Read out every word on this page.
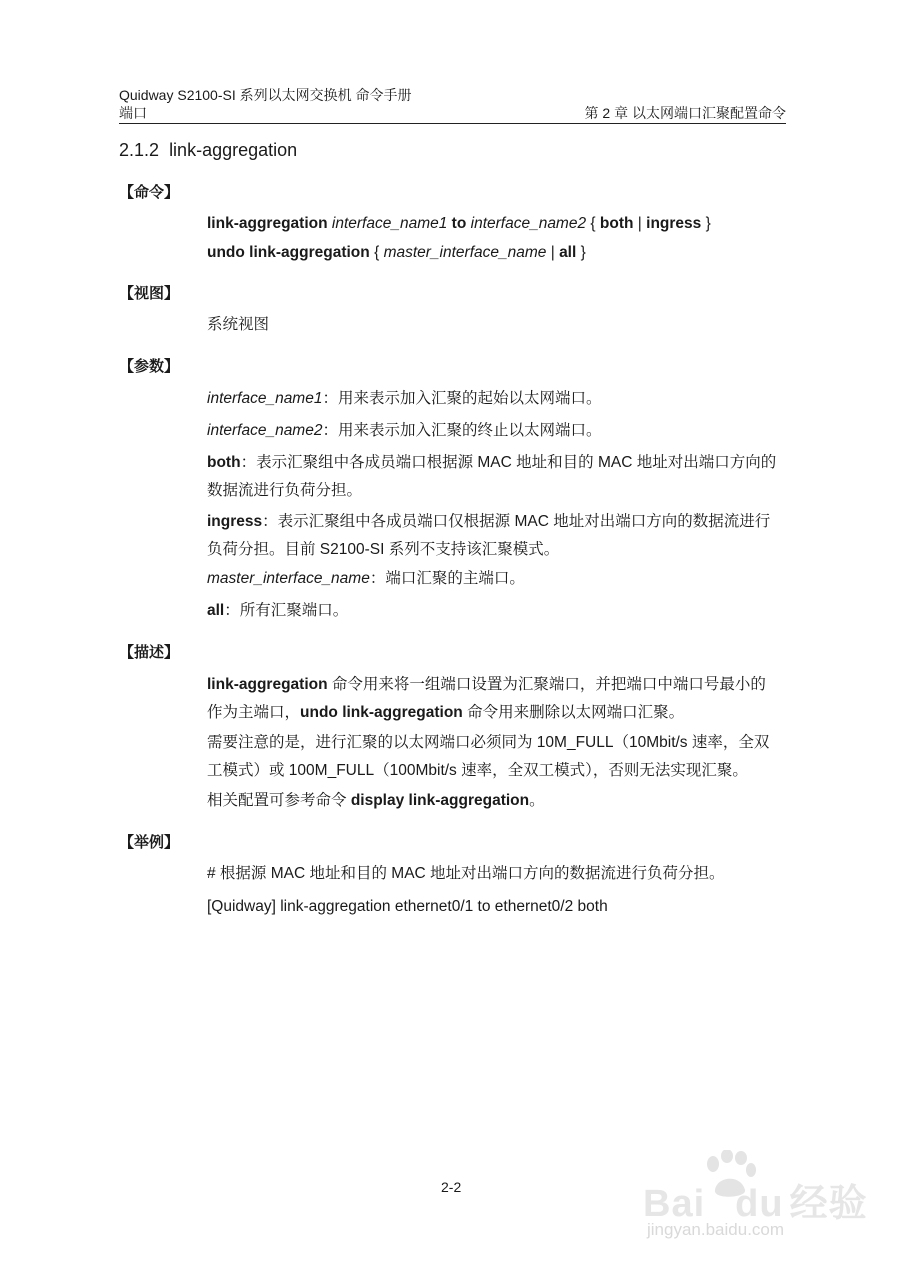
Quidway S2100-SI 系列以太网交换机 命令手册
端口	第 2 章 以太网端口汇聚配置命令
2.1.2 link-aggregation
【命令】
link-aggregation interface_name1 to interface_name2 { both | ingress }
undo link-aggregation { master_interface_name | all }
【视图】
系统视图
【参数】
interface_name1：用来表示加入汇聚的起始以太网端口。
interface_name2：用来表示加入汇聚的终止以太网端口。
both：表示汇聚组中各成员端口根据源 MAC 地址和目的 MAC 地址对出端口方向的
数据流进行负荷分担。
ingress：表示汇聚组中各成员端口仅根据源 MAC 地址对出端口方向的数据流进行
负荷分担。目前 S2100-SI 系列不支持该汇聚模式。
master_interface_name：端口汇聚的主端口。
all：所有汇聚端口。
【描述】
link-aggregation 命令用来将一组端口设置为汇聚端口，并把端口中端口号最小的
作为主端口，undo link-aggregation 命令用来删除以太网端口汇聚。
需要注意的是，进行汇聚的以太网端口必须同为 10M_FULL（10Mbit/s 速率，全双
工模式）或 100M_FULL（100Mbit/s 速率，全双工模式），否则无法实现汇聚。
相关配置可参考命令 display link-aggregation。
【举例】
# 根据源 MAC 地址和目的 MAC 地址对出端口方向的数据流进行负荷分担。
[Quidway] link-aggregation ethernet0/1 to ethernet0/2 both
2-2	Bai du 经验
jingyan.baidu.com
